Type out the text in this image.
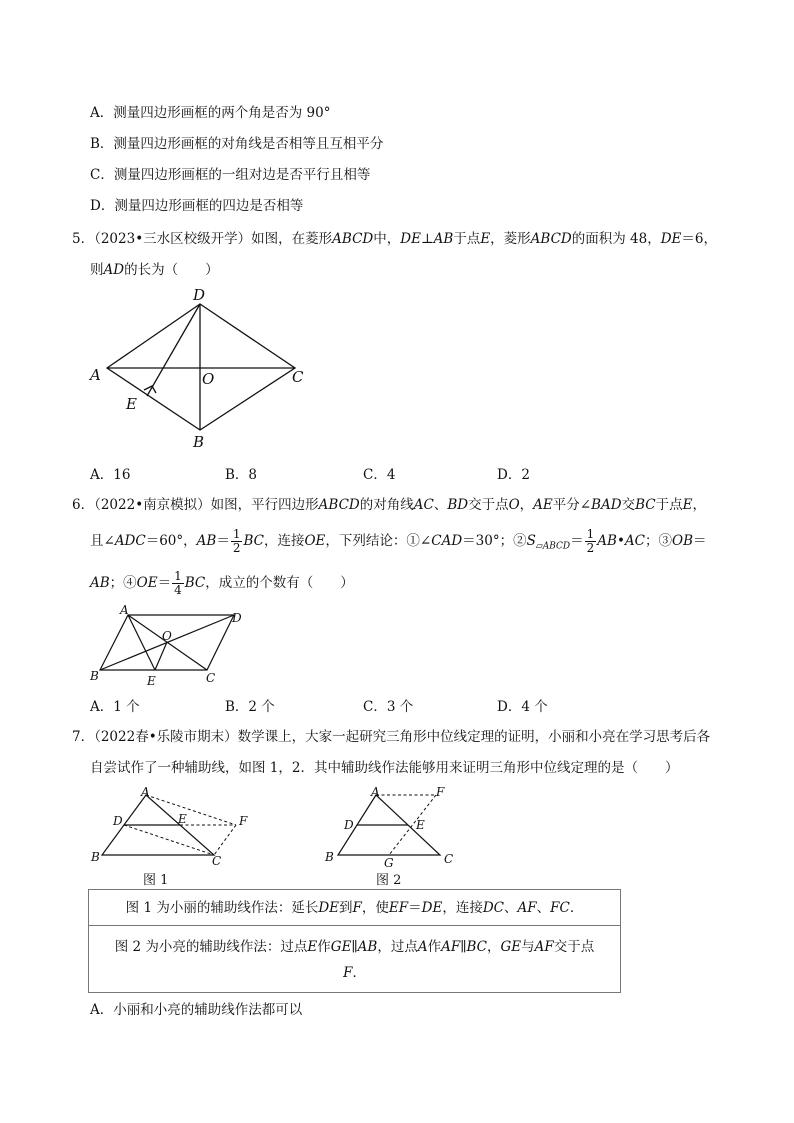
A．测量四边形画框的两个角是否为 90°
B．测量四边形画框的对角线是否相等且互相平分
C．测量四边形画框的一组对边是否平行且相等
D．测量四边形画框的四边是否相等
5．（2023•三水区校级开学）如图，在菱形ABCD中，DE⊥AB于点E，菱形ABCD的面积为 48，DE＝6，
则AD的长为（　　）
D
A	O	C
E
B
A．16	B．8	C．4	D．2
6．（2022•南京模拟）如图，平行四边形ABCD的对角线AC、BD交于点O，AE平分∠BAD交BC于点E，
且∠ADC＝60°，$AB= \frac{1}{2}$ BC，连接OE，下列结论：①∠CAD＝30°；$②S_{▱ABCD}= \frac{1}{2}$ AB•AC；③OB＝
AB；④OE＝ $\frac{1}{4}$ BC，成立的个数有（　　）
A
D
O
B	E	C
A．1 个	B．2 个	C．3 个	D．4 个
7．（2022春•乐陵市期末）数学课上，大家一起研究三角形中位线定理的证明，小丽和小亮在学习思考后各
自尝试作了一种辅助线，如图 1，2．其中辅助线作法能够用来证明三角形中位线定理的是（　　）
A
D	E	F
B	C
图 1
A	F
D	E
B	G	C
图 2
图 1 为小丽的辅助线作法：延长DE到F，使EF＝DE，连接DC、AF、FC．
图 2 为小亮的辅助线作法：过点E作GE∥AB，过点A作AF∥BC，GE与AF交于点
F．
A．小丽和小亮的辅助线作法都可以
